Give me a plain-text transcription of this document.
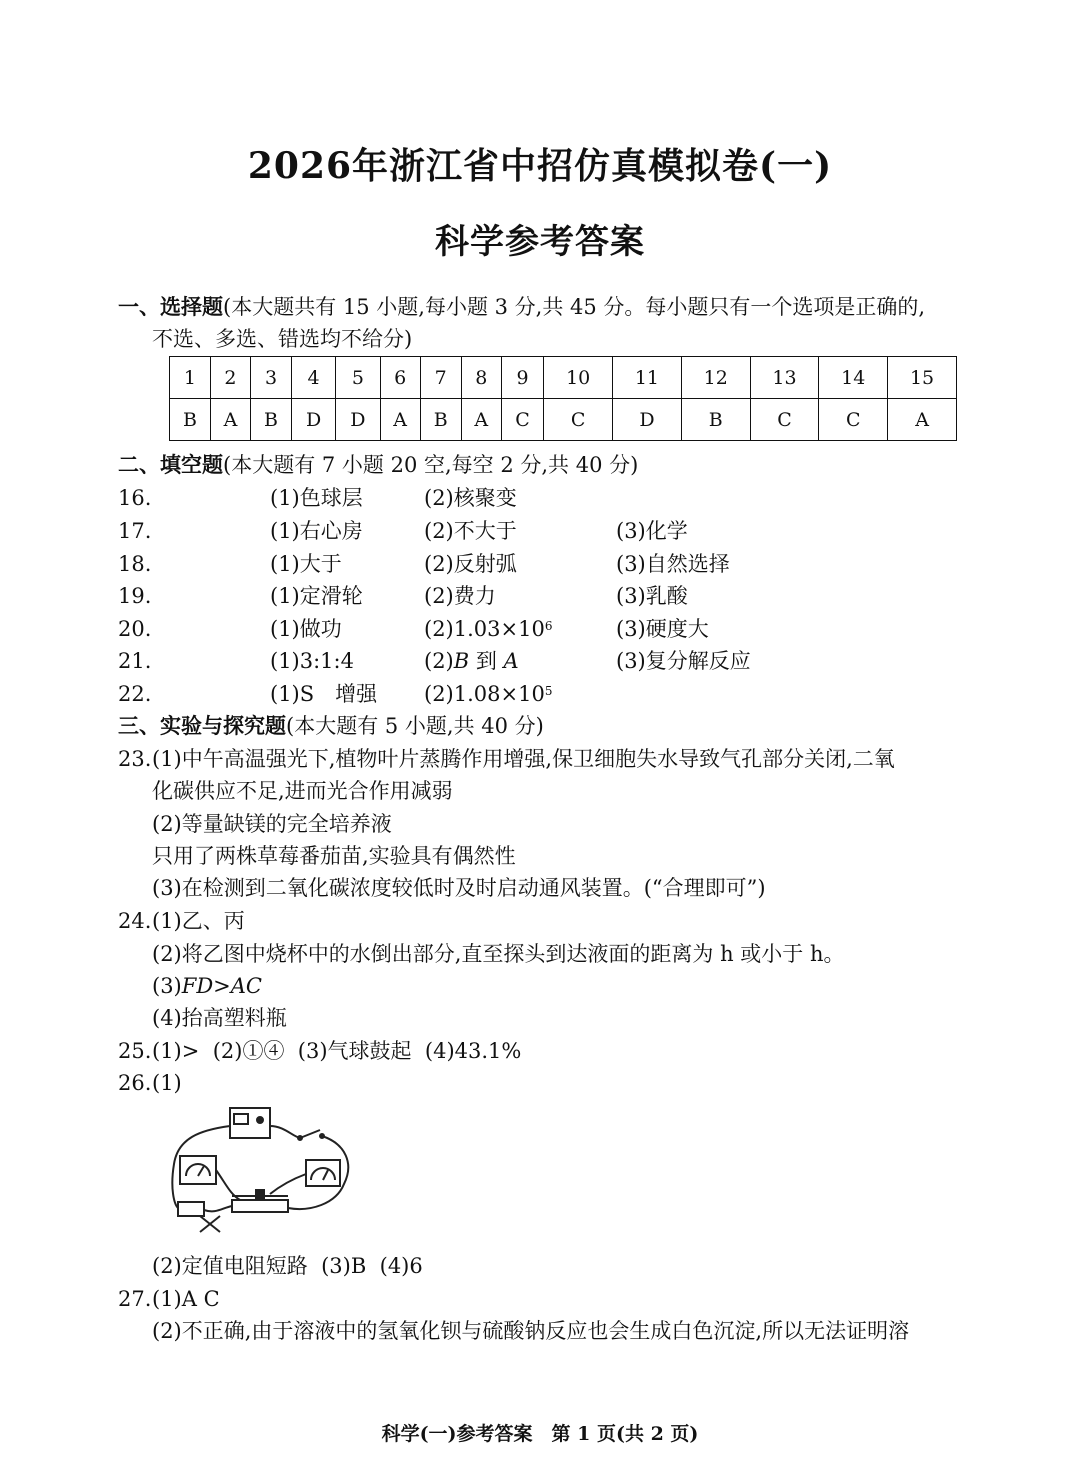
2026年浙江省中招仿真模拟卷(一)
科学参考答案
一、选择题(本大题共有 15 小题,每小题 3 分,共 45 分。每小题只有一个选项是正确的,
不选、多选、错选均不给分)
1	2	3	4	5	6	7	8	9	10	11	12	13	14	15
B	A	B	D	D	A	B	A	C	C	D	B	C	C	A
二、填空题(本大题有 7 小题 20 空,每空 2 分,共 40 分)
16.	(1)色球层	(2)核聚变
17.	(1)右心房	(2)不大于	(3)化学
18.	(1)大于	(2)反射弧	(3)自然选择
19.	(1)定滑轮	(2)费力	(3)乳酸
20.	(1)做功	$(2)1.03\times 10^6$	(3)硬度大
21.	(1)3:1:4	(2)B 到 A	(3)复分解反应
22.	(1)S　增强 $(2)1.08\times 10^5$
三、实验与探究题(本大题有 5 小题,共 40 分)
23. (1)中午高温强光下,植物叶片蒸腾作用增强,保卫细胞失水导致气孔部分关闭,二氧
化碳供应不足,进而光合作用减弱
(2)等量缺镁的完全培养液
只用了两株草莓番茄苗,实验具有偶然性
(3)在检测到二氧化碳浓度较低时及时启动通风装置。(“合理即可”)
24. (1)乙、丙
(2)将乙图中烧杯中的水倒出部分,直至探头到达液面的距离为 h 或小于 h。
(3)FD>AC
(4)抬高塑料瓶
25. (1)>  (2)①④  (3)气球鼓起  (4)43.1%
26. (1)
(2)定值电阻短路  (3)B  (4)6
27. (1)A C
(2)不正确,由于溶液中的氢氧化钡与硫酸钠反应也会生成白色沉淀,所以无法证明溶
科学(一)参考答案　第 1 页(共 2 页)
